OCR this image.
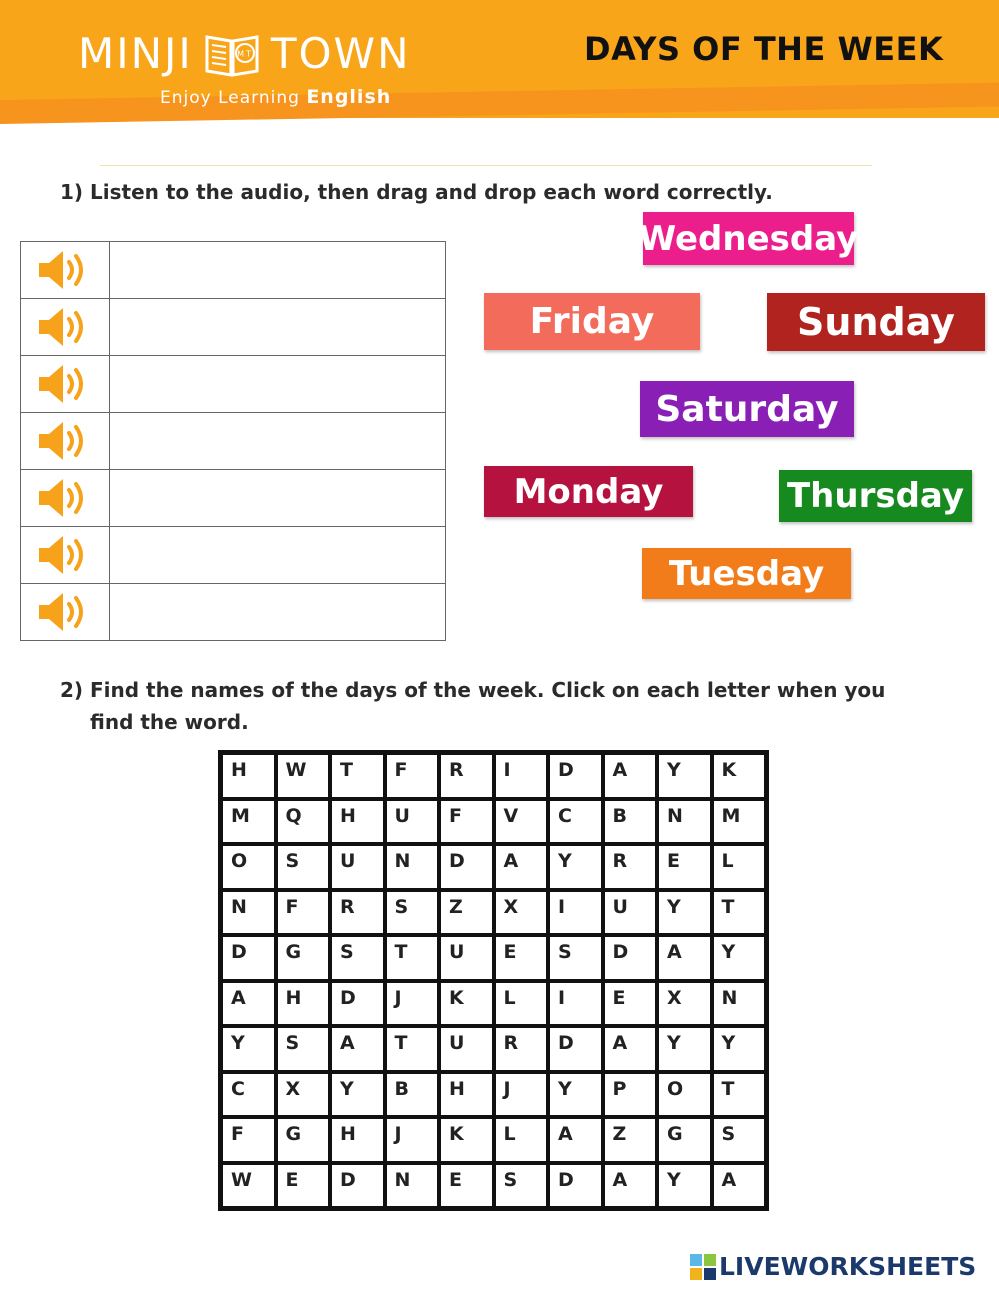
MINJI	MT TOWN
Enjoy Learning English
DAYS OF THE WEEK
1) Listen to the audio, then drag and drop each word correctly.
Wednesday
Friday	Sunday
Saturday
Monday	Thursday
Tuesday
2) Find the names of the days of the week. Click on each letter when you
find the word.
H	W	T	F	R	I	D	A	Y	K
M	Q	H	U	F	V	C	B	N	M
O	S	U	N	D	A	Y	R	E	L
N	F	R	S	Z	X	I	U	Y	T
D	G	S	T	U	E	S	D	A	Y
A	H	D	J	K	L	I	E	X	N
Y	S	A	T	U	R	D	A	Y	Y
C	X	Y	B	H	J	Y	P	O	T
F	G	H	J	K	L	A	Z	G	S
W	E	D	N	E	S	D	A	Y	A
LIVEWORKSHEETS
